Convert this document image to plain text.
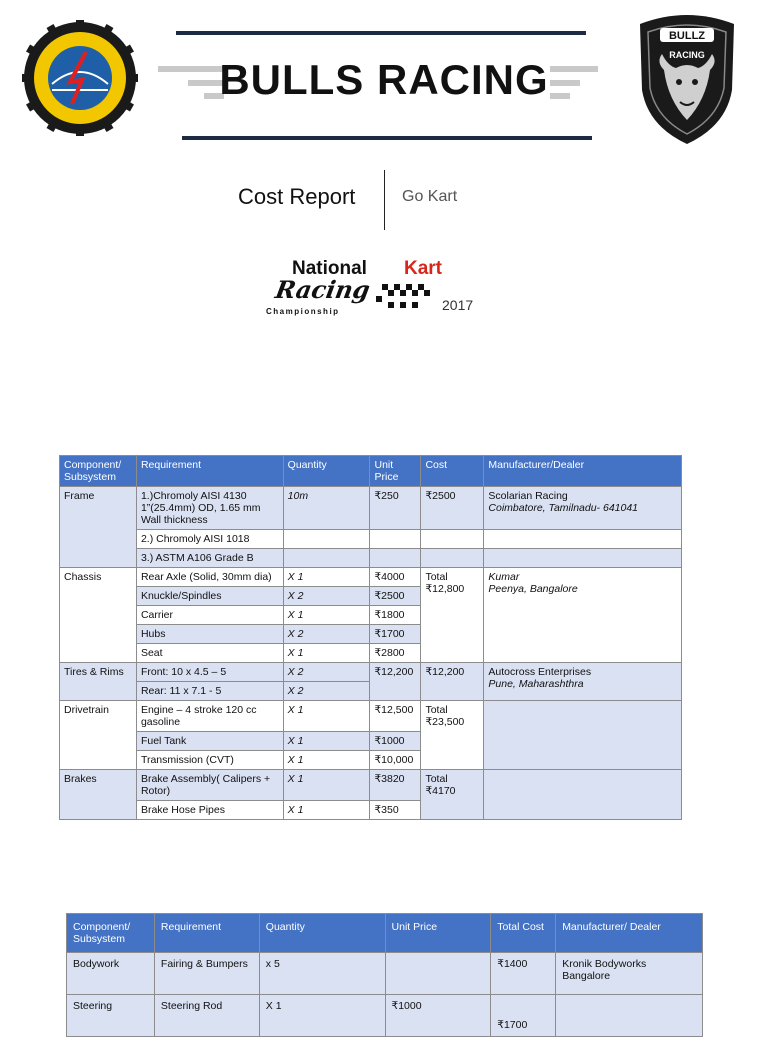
BULLS RACING
BULLZ
RACING
Cost Report	Go Kart
National Kart
Racing
Championship	2017
Component/ Subsystem	Requirement	Quantity	Unit Price	Cost	Manufacturer/Dealer
Frame	1.)Chromoly AISI 4130 1”(25.4mm) OD, 1.65 mm Wall thickness	10m	₹250	₹2500	Scolarian Racing
Coimbatore, Tamilnadu- 641041

	2.) Chromoly AISI 1018				
	3.) ASTM A106 Grade B				
Chassis	Rear Axle (Solid, 30mm dia)	X 1	₹4000	Total ₹12,800	Kumar
Peenya, Bangalore

	Knuckle/Spindles	X 2	₹2500		
	Carrier	X 1	₹1800		
	Hubs	X 2	₹1700		
	Seat	X 1	₹2800		
Tires & Rims	Front: 10 x 4.5 – 5	X 2	₹12,200	₹12,200	Autocross Enterprises
Pune, Maharashthra

	Rear: 11 x 7.1 - 5	X 2			
Drivetrain	Engine – 4 stroke 120 cc gasoline	X 1	₹12,500	Total ₹23,500	
	Fuel Tank	X 1	₹1000		
	Transmission (CVT)	X 1	₹10,000		
Brakes	Brake Assembly( Calipers + Rotor)	X 1	₹3820	Total ₹4170	
	Brake Hose Pipes	X 1	₹350		
Component/ Subsystem	Requirement	Quantity	Unit Price	Total Cost	Manufacturer/ Dealer
Bodywork	Fairing & Bumpers	x 5		₹1400	Kronik Bodyworks Bangalore
Steering	Steering Rod	X 1	₹1000	₹1700	
